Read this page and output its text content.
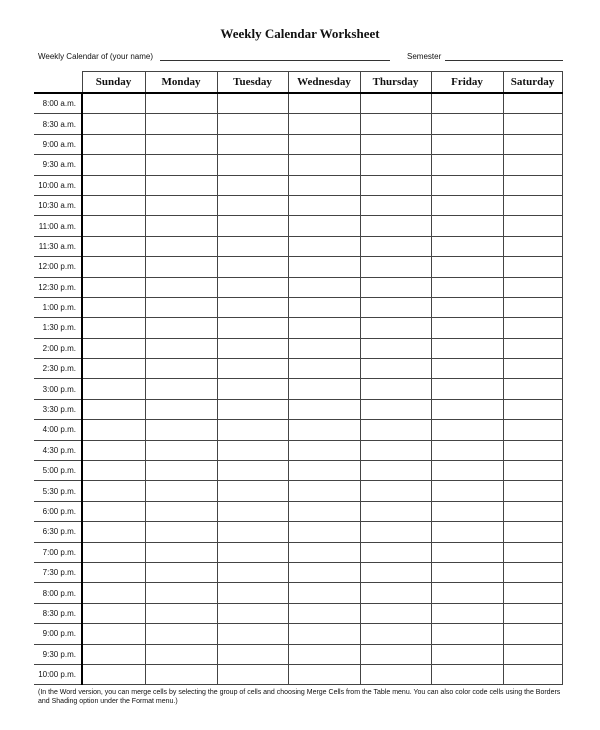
Weekly Calendar Worksheet
Weekly Calendar of (your name)	Semester
	Sunday	Monday	Tuesday	Wednesday	Thursday	Friday	Saturday
8:00 a.m.							
8:30 a.m.							
9:00 a.m.							
9:30 a.m.							
10:00 a.m.							
10:30 a.m.							
11:00 a.m.							
11:30 a.m.							
12:00 p.m.							
12:30 p.m.							
1:00 p.m.							
1:30 p.m.							
2:00 p.m.							
2:30 p.m.							
3:00 p.m.							
3:30 p.m.							
4:00 p.m.							
4:30 p.m.							
5:00 p.m.							
5:30 p.m.							
6:00 p.m.							
6:30 p.m.							
7:00 p.m.							
7:30 p.m.							
8:00 p.m.							
8:30 p.m.							
9:00 p.m.							
9:30 p.m.							
10:00 p.m.							
(In the Word version, you can merge cells by selecting the group of cells and choosing Merge Cells from the Table menu. You can also color code cells using the Borders and Shading option under the Format menu.)
